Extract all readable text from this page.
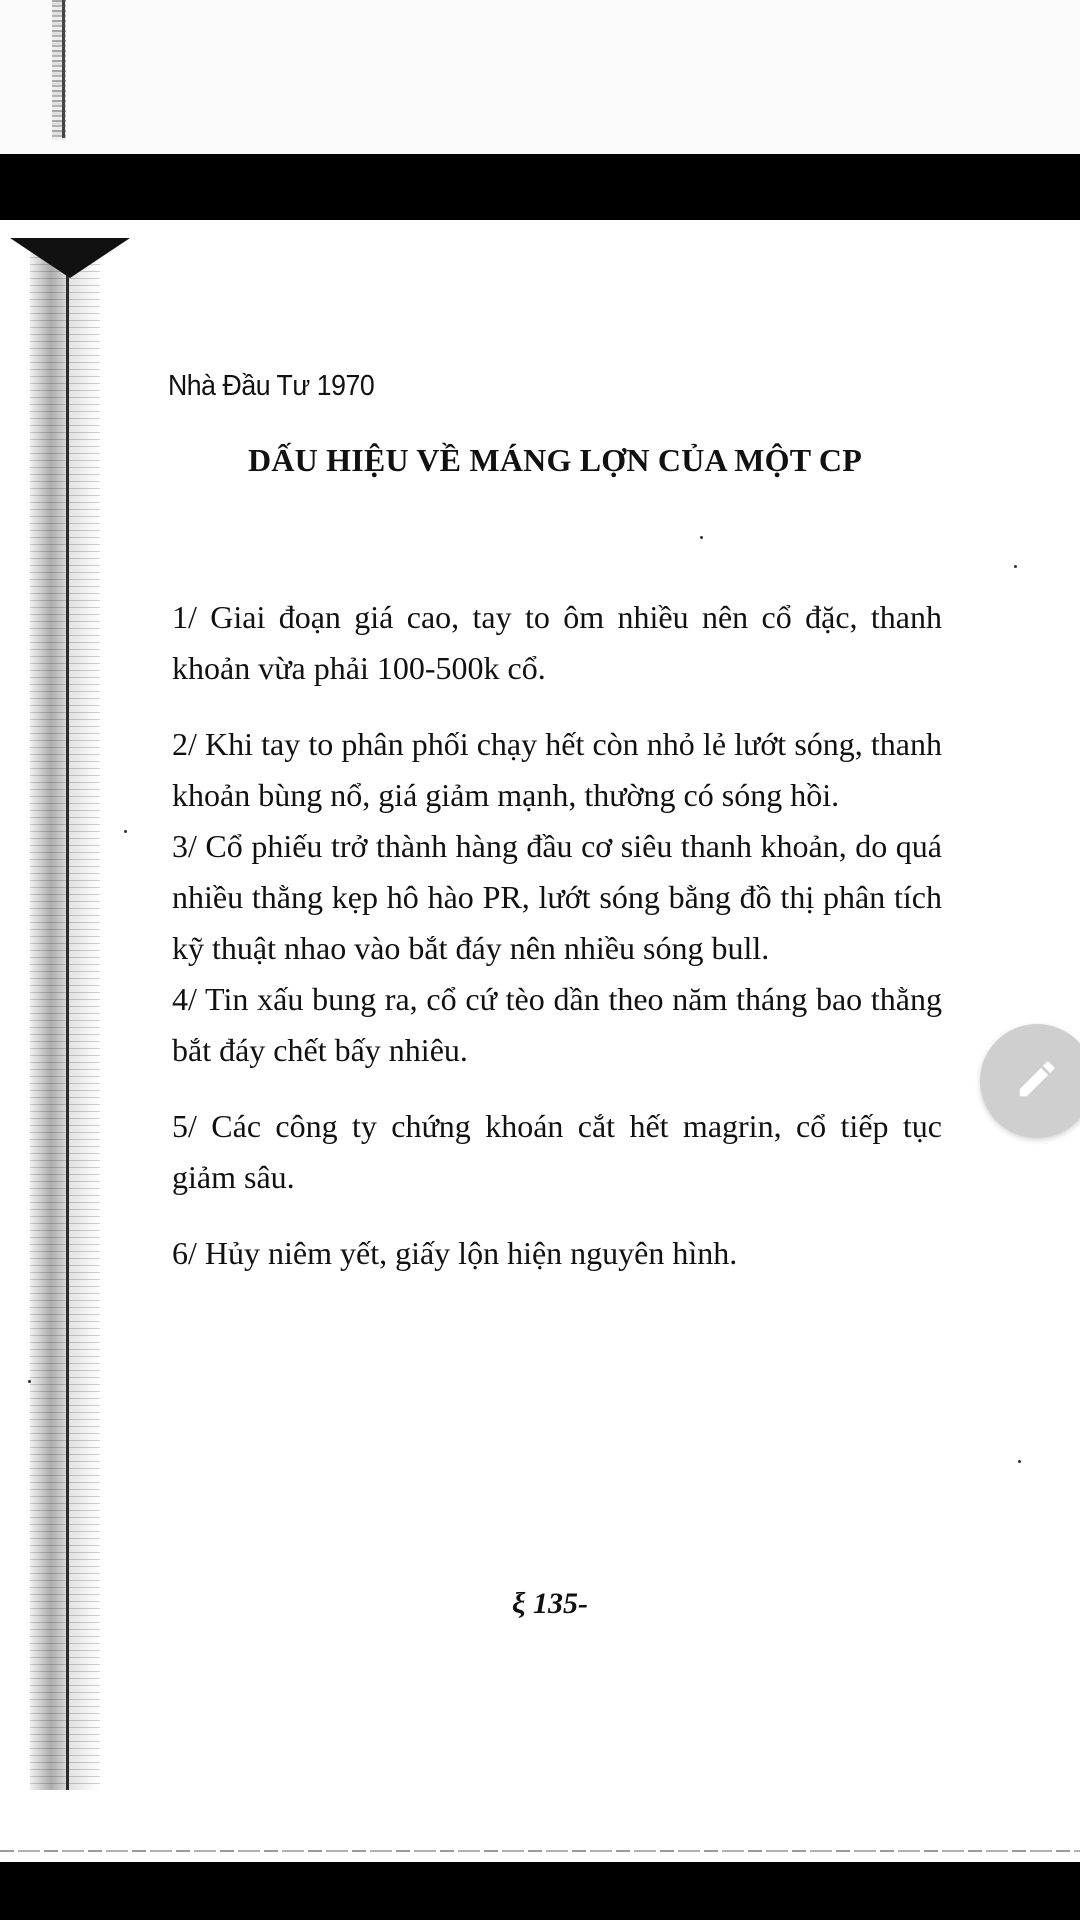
Nhà Đầu Tư 1970
DẤU HIỆU VỀ MÁNG LỢN CỦA MỘT CP

1/ Giai đoạn giá cao, tay to ôm nhiều nên cổ đặc, thanh khoản vừa phải 100-500k cổ.

2/ Khi tay to phân phối chạy hết còn nhỏ lẻ lướt sóng, thanh khoản bùng nổ, giá giảm mạnh, thường có sóng hồi.

3/ Cổ phiếu trở thành hàng đầu cơ siêu thanh khoản, do quá nhiều thằng kẹp hô hào PR, lướt sóng bằng đồ thị phân tích kỹ thuật nhao vào bắt đáy nên nhiều sóng bull.

4/ Tin xấu bung ra, cổ cứ tèo dần theo năm tháng bao thằng bắt đáy chết bấy nhiêu.

5/ Các công ty chứng khoán cắt hết magrin, cổ tiếp tục giảm sâu.

6/ Hủy niêm yết, giấy lộn hiện nguyên hình.

ξ 135-
